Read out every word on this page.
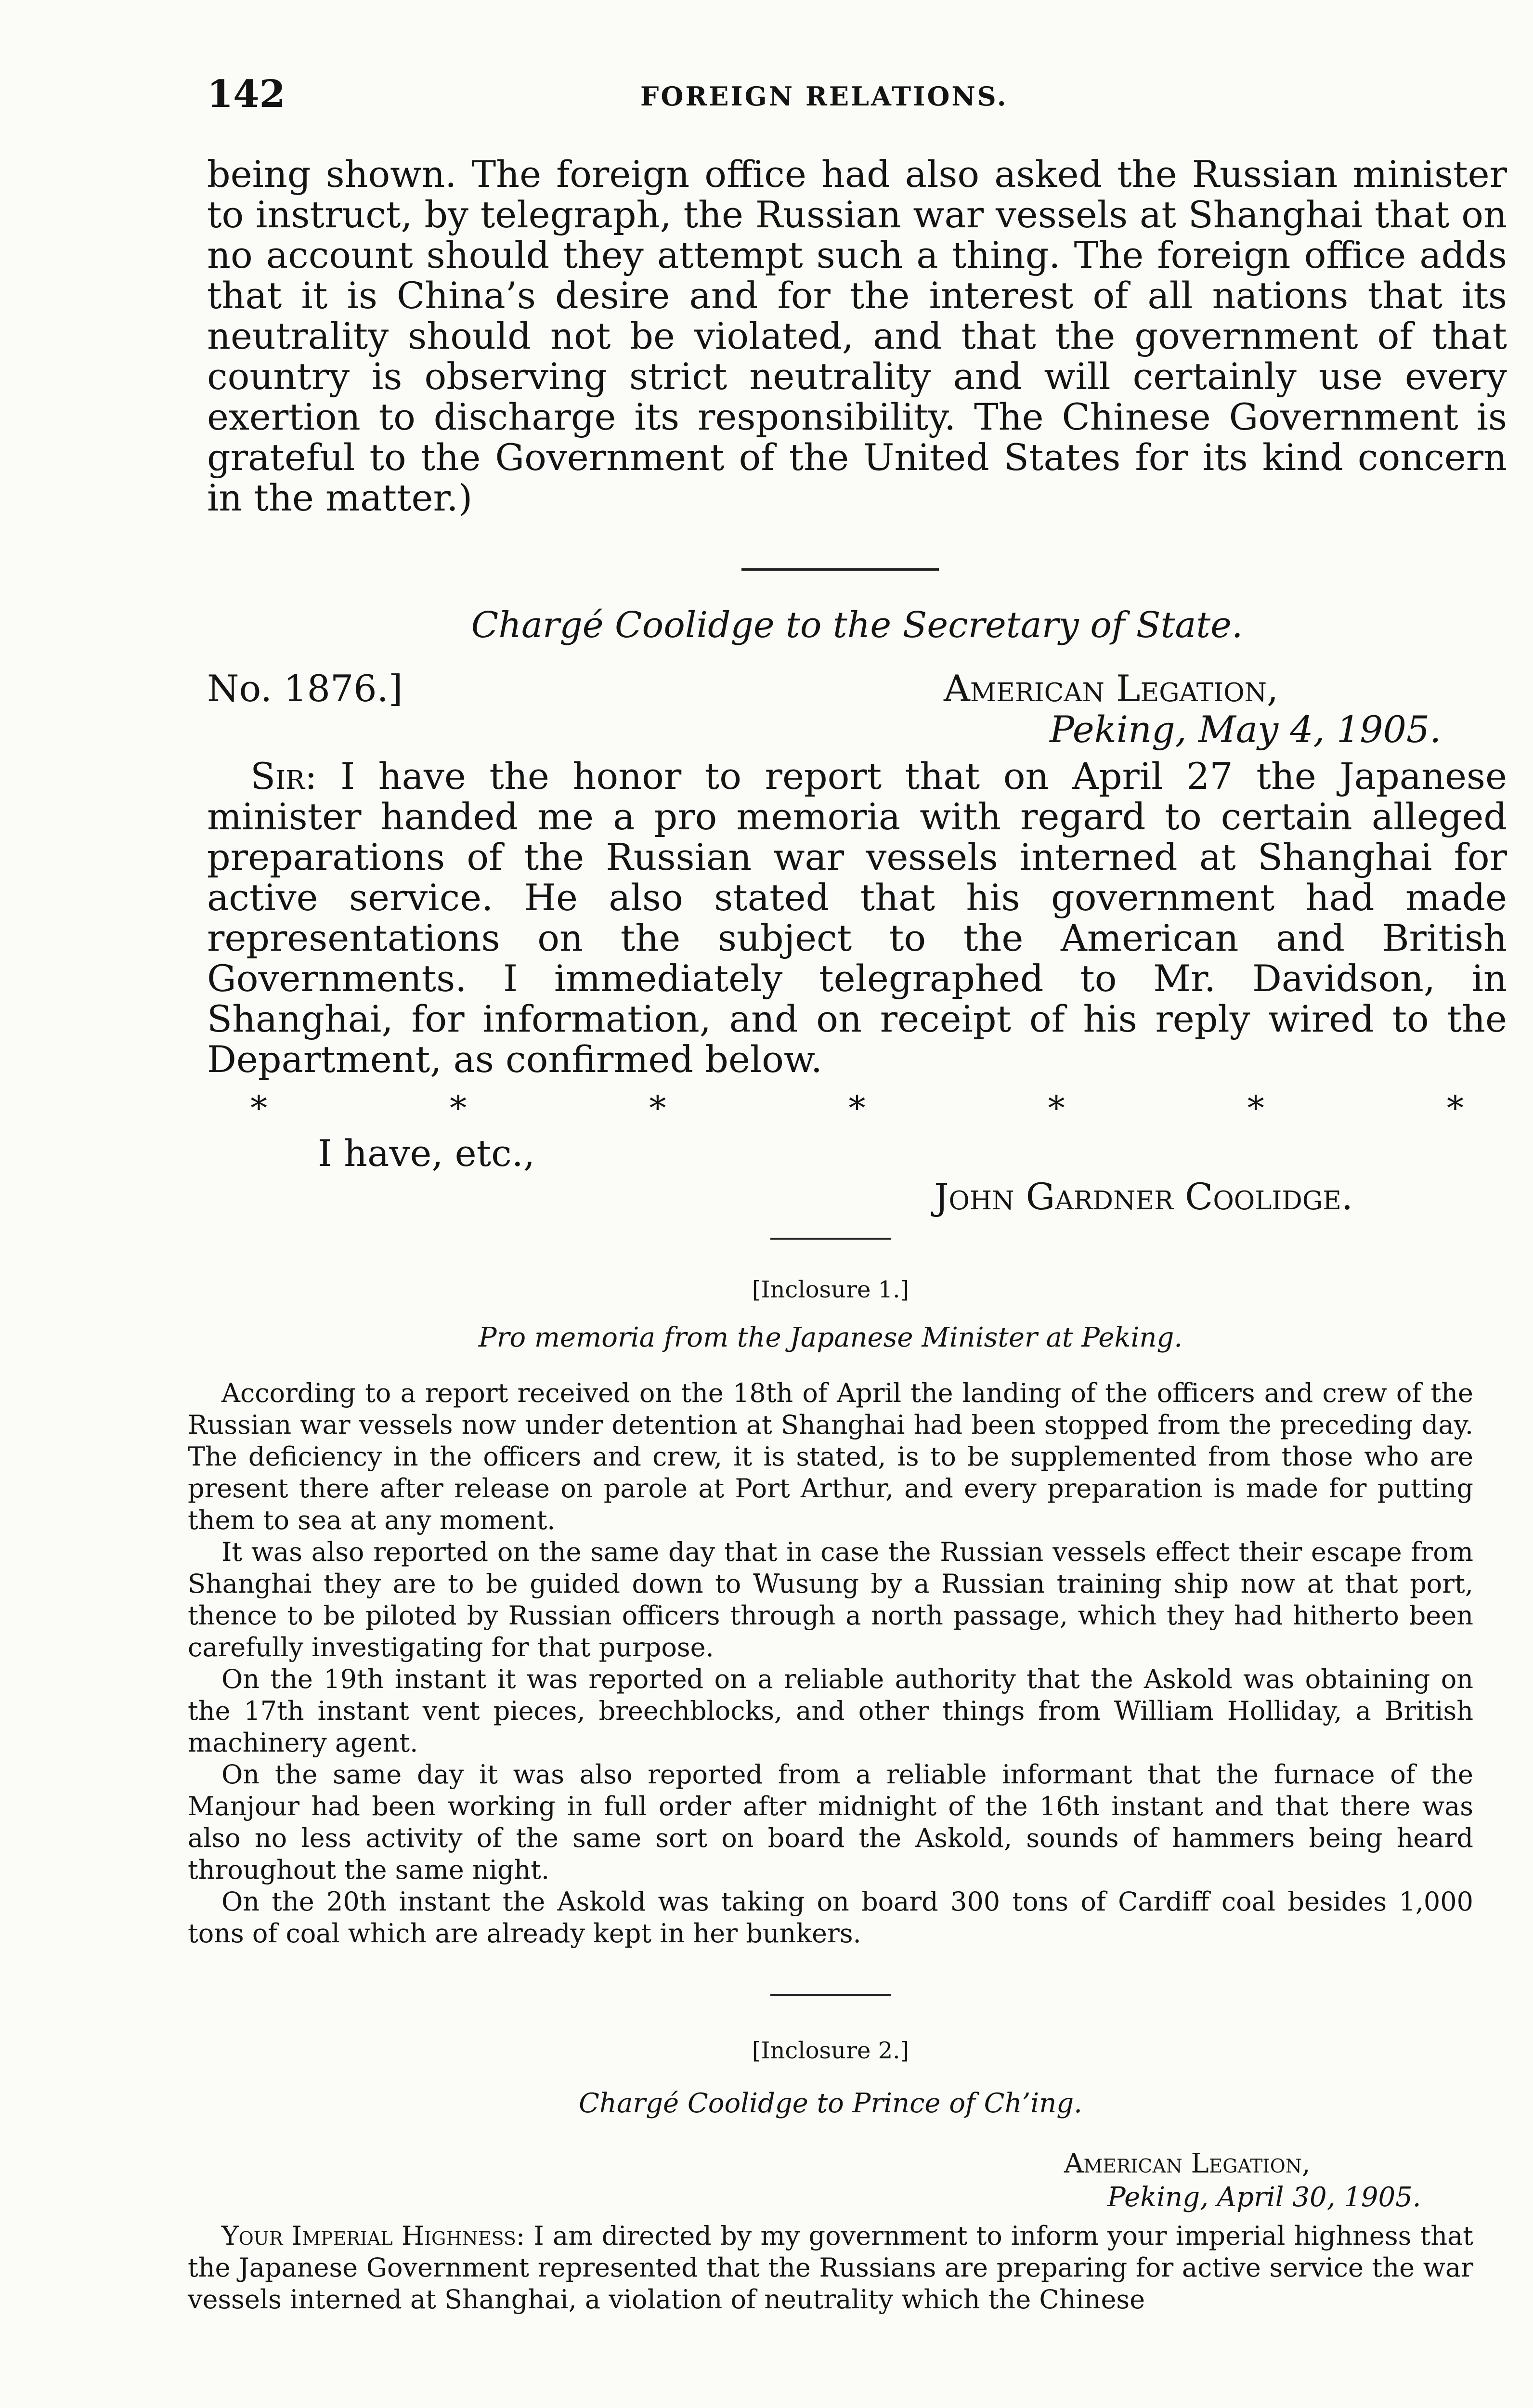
142	FOREIGN RELATIONS.

being shown. The foreign office had also asked the Russian minister to instruct, by telegraph, the Russian war vessels at Shanghai that on no account should they attempt such a thing. The foreign office adds that it is China’s desire and for the interest of all nations that its neutrality should not be violated, and that the government of that country is observing strict neutrality and will certainly use every exertion to discharge its responsibility. The Chinese Government is grateful to the Government of the United States for its kind concern in the matter.)

Chargé Coolidge to the Secretary of State.
No. 1876.]	American Legation,
Peking, May 4, 1905.

Sir: I have the honor to report that on April 27 the Japanese minister handed me a pro memoria with regard to certain alleged preparations of the Russian war vessels interned at Shanghai for active service. He also stated that his government had made representations on the subject to the American and British Governments. I immediately telegraphed to Mr. Davidson, in Shanghai, for information, and on receipt of his reply wired to the Department, as confirmed below.

*	*	*	*	*	*	*
I have, etc.,
John Gardner Coolidge.
[Inclosure 1.]
Pro memoria from the Japanese Minister at Peking.

According to a report received on the 18th of April the landing of the officers and crew of the Russian war vessels now under detention at Shanghai had been stopped from the preceding day. The deficiency in the officers and crew, it is stated, is to be supplemented from those who are present there after release on parole at Port Arthur, and every preparation is made for putting them to sea at any moment.

It was also reported on the same day that in case the Russian vessels effect their escape from Shanghai they are to be guided down to Wusung by a Russian training ship now at that port, thence to be piloted by Russian officers through a north passage, which they had hitherto been carefully investigating for that purpose.

On the 19th instant it was reported on a reliable authority that the Askold was obtaining on the 17th instant vent pieces, breechblocks, and other things from William Holliday, a British machinery agent.

On the same day it was also reported from a reliable informant that the furnace of the Manjour had been working in full order after midnight of the 16th instant and that there was also no less activity of the same sort on board the Askold, sounds of hammers being heard throughout the same night.

On the 20th instant the Askold was taking on board 300 tons of Cardiff coal besides 1,000 tons of coal which are already kept in her bunkers.

[Inclosure 2.]
Chargé Coolidge to Prince of Ch’ing.
American Legation,
Peking, April 30, 1905.

Your Imperial Highness: I am directed by my government to inform your imperial highness that the Japanese Government represented that the Russians are preparing for active service the war vessels interned at Shanghai, a violation of neutrality which the Chinese
